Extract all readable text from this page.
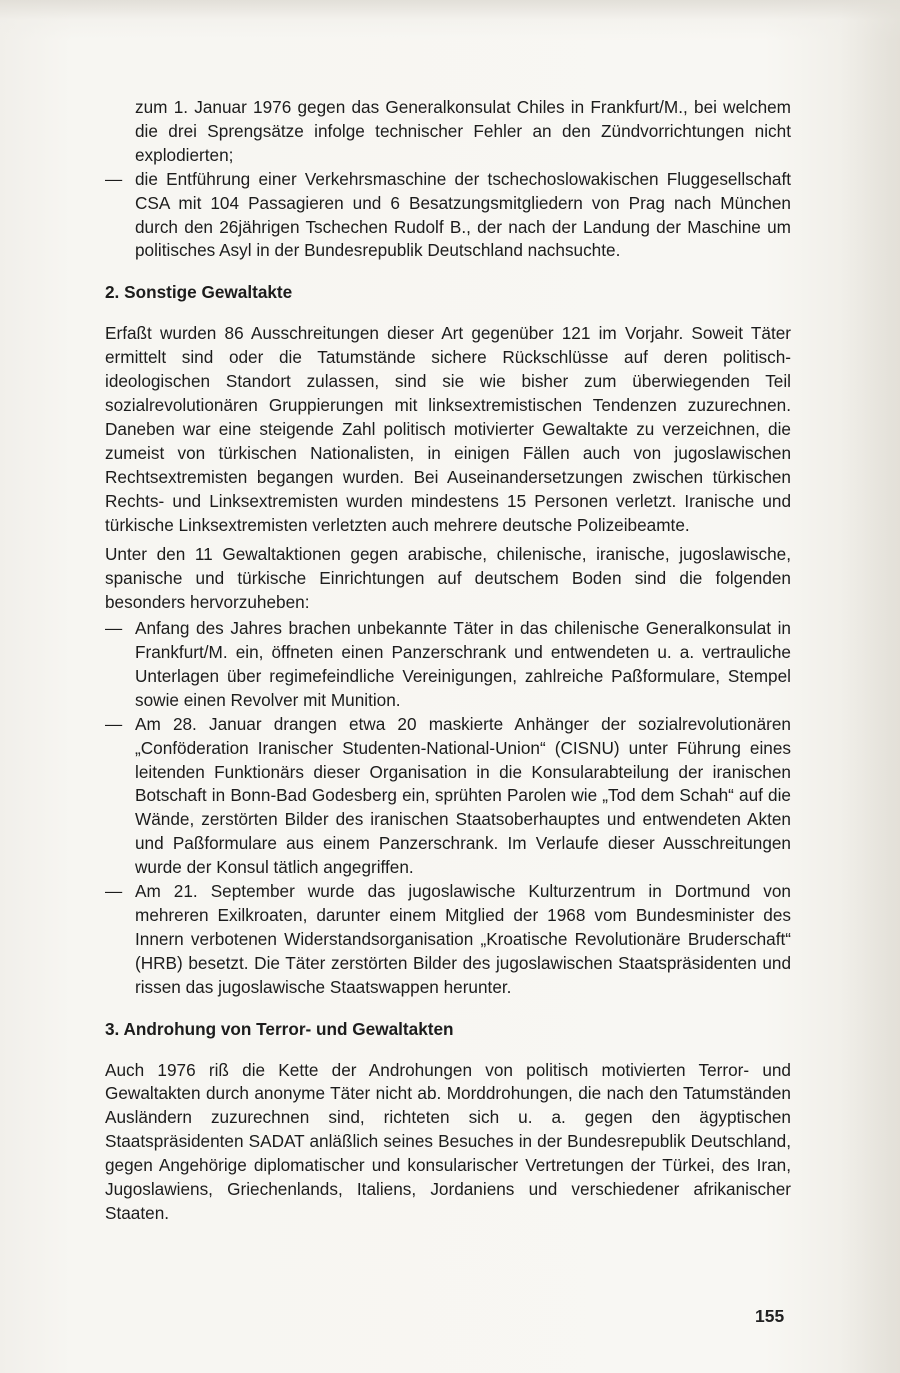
zum 1. Januar 1976 gegen das Generalkonsulat Chiles in Frankfurt/M., bei welchem die drei Sprengsätze infolge technischer Fehler an den Zündvorrichtungen nicht explodierten;

— die Entführung einer Verkehrsmaschine der tschechoslowakischen Fluggesellschaft CSA mit 104 Passagieren und 6 Besatzungsmitgliedern von Prag nach München durch den 26jährigen Tschechen Rudolf B., der nach der Landung der Maschine um politisches Asyl in der Bundesrepublik Deutschland nachsuchte.
2. Sonstige Gewaltakte

Erfaßt wurden 86 Ausschreitungen dieser Art gegenüber 121 im Vorjahr. Soweit Täter ermittelt sind oder die Tatumstände sichere Rückschlüsse auf deren politisch-ideologischen Standort zulassen, sind sie wie bisher zum überwiegenden Teil sozialrevolutionären Gruppierungen mit linksextremistischen Tendenzen zuzurechnen. Daneben war eine steigende Zahl politisch motivierter Gewaltakte zu verzeichnen, die zumeist von türkischen Nationalisten, in einigen Fällen auch von jugoslawischen Rechtsextremisten begangen wurden. Bei Auseinandersetzungen zwischen türkischen Rechts- und Linksextremisten wurden mindestens 15 Personen verletzt. Iranische und türkische Linksextremisten verletzten auch mehrere deutsche Polizeibeamte.

Unter den 11 Gewaltaktionen gegen arabische, chilenische, iranische, jugoslawische, spanische und türkische Einrichtungen auf deutschem Boden sind die folgenden besonders hervorzuheben:

— Anfang des Jahres brachen unbekannte Täter in das chilenische Generalkonsulat in Frankfurt/M. ein, öffneten einen Panzerschrank und entwendeten u. a. vertrauliche Unterlagen über regimefeindliche Vereinigungen, zahlreiche Paßformulare, Stempel sowie einen Revolver mit Munition.
— Am 28. Januar drangen etwa 20 maskierte Anhänger der sozialrevolutionären „Conföderation Iranischer Studenten-National-Union“ (CISNU) unter Führung eines leitenden Funktionärs dieser Organisation in die Konsularabteilung der iranischen Botschaft in Bonn-Bad Godesberg ein, sprühten Parolen wie „Tod dem Schah“ auf die Wände, zerstörten Bilder des iranischen Staatsoberhauptes und entwendeten Akten und Paßformulare aus einem Panzerschrank. Im Verlaufe dieser Ausschreitungen wurde der Konsul tätlich angegriffen.
— Am 21. September wurde das jugoslawische Kulturzentrum in Dortmund von mehreren Exilkroaten, darunter einem Mitglied der 1968 vom Bundesminister des Innern verbotenen Widerstandsorganisation „Kroatische Revolutionäre Bruderschaft“ (HRB) besetzt. Die Täter zerstörten Bilder des jugoslawischen Staatspräsidenten und rissen das jugoslawische Staatswappen herunter.
3. Androhung von Terror- und Gewaltakten

Auch 1976 riß die Kette der Androhungen von politisch motivierten Terror- und Gewaltakten durch anonyme Täter nicht ab. Morddrohungen, die nach den Tatumständen Ausländern zuzurechnen sind, richteten sich u. a. gegen den ägyptischen Staatspräsidenten SADAT anläßlich seines Besuches in der Bundesrepublik Deutschland, gegen Angehörige diplomatischer und konsularischer Vertretungen der Türkei, des Iran, Jugoslawiens, Griechenlands, Italiens, Jordaniens und verschiedener afrikanischer Staaten.

155
